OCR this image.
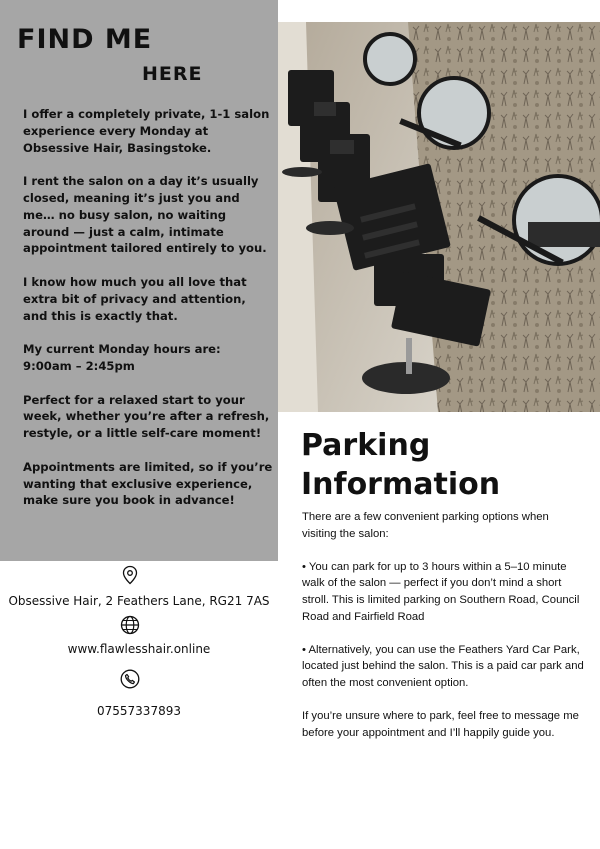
FIND ME
HERE

I offer a completely private, 1-1 salon experience every Monday at Obsessive Hair, Basingstoke.

I rent the salon on a day it’s usually closed, meaning it’s just you and me… no busy salon, no waiting around — just a calm, intimate appointment tailored entirely to you.

I know how much you all love that extra bit of privacy and attention, and this is exactly that.

My current Monday hours are: 9:00am – 2:45pm

Perfect for a relaxed start to your week, whether you’re after a refresh, restyle, or a little self-care moment!

Appointments are limited, so if you’re wanting that exclusive experience, make sure you book in advance!

Obsessive Hair, 2 Feathers Lane, RG21 7AS
www.flawlesshair.online
07557337893
Parking
Information

There are a few convenient parking options when visiting the salon:

• You can park for up to 3 hours within a 5–10 minute walk of the salon — perfect if you don’t mind a short stroll. This is limited parking on Southern Road, Council Road and Fairfield Road

• Alternatively, you can use the Feathers Yard Car Park, located just behind the salon. This is a paid car park and often the most convenient option.

If you’re unsure where to park, feel free to message me before your appointment and I’ll happily guide you.
